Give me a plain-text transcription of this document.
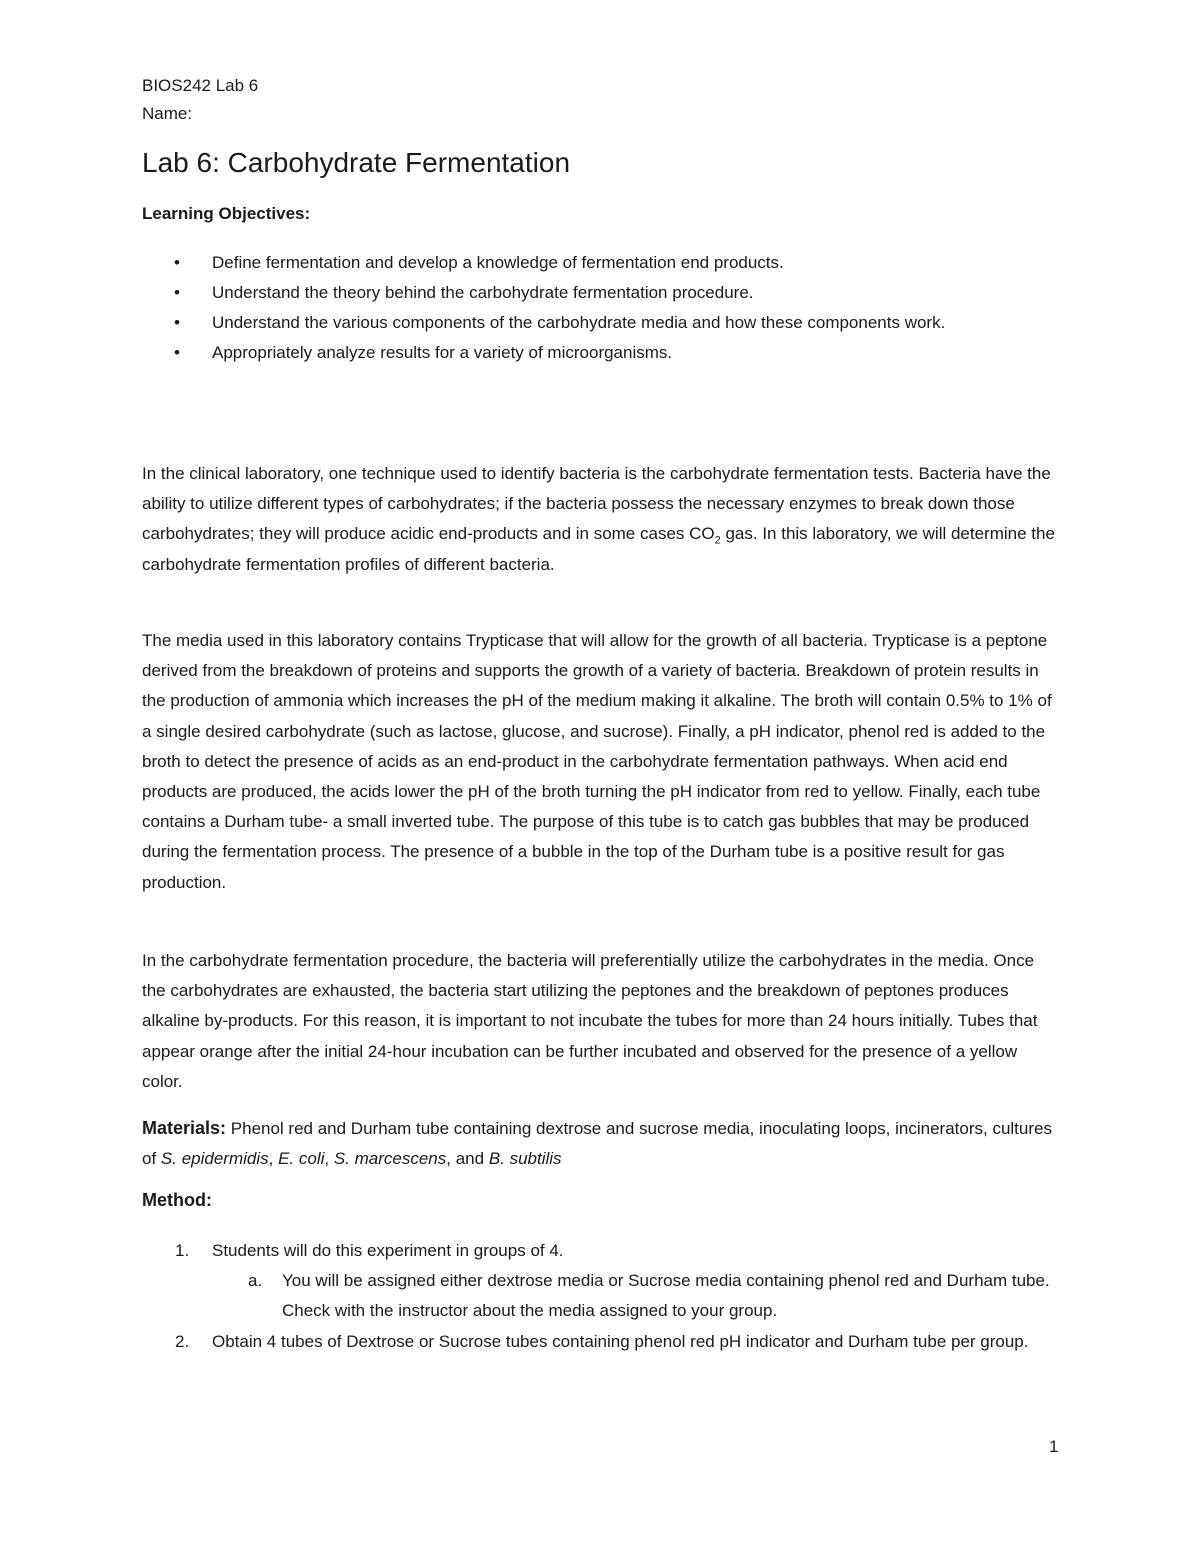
BIOS242 Lab 6
Name:
Lab 6: Carbohydrate Fermentation
Learning Objectives:
• Define fermentation and develop a knowledge of fermentation end products.
• Understand the theory behind the carbohydrate fermentation procedure.
• Understand the various components of the carbohydrate media and how these components work.
• Appropriately analyze results for a variety of microorganisms.

In the clinical laboratory, one technique used to identify bacteria is the carbohydrate fermentation tests. Bacteria have the ability to utilize different types of carbohydrates; if the bacteria possess the necessary enzymes to break down those carbohydrates; they will produce acidic end-products and in some cases $CO_2$ gas. In this laboratory, we will determine the carbohydrate fermentation profiles of different bacteria.

The media used in this laboratory contains Trypticase that will allow for the growth of all bacteria. Trypticase is a peptone derived from the breakdown of proteins and supports the growth of a variety of bacteria. Breakdown of protein results in the production of ammonia which increases the pH of the medium making it alkaline. The broth will contain 0.5% to 1% of a single desired carbohydrate (such as lactose, glucose, and sucrose). Finally, a pH indicator, phenol red is added to the broth to detect the presence of acids as an end-product in the carbohydrate fermentation pathways. When acid end products are produced, the acids lower the pH of the broth turning the pH indicator from red to yellow. Finally, each tube contains a Durham tube- a small inverted tube. The purpose of this tube is to catch gas bubbles that may be produced during the fermentation process. The presence of a bubble in the top of the Durham tube is a positive result for gas production.

In the carbohydrate fermentation procedure, the bacteria will preferentially utilize the carbohydrates in the media. Once the carbohydrates are exhausted, the bacteria start utilizing the peptones and the breakdown of peptones produces alkaline by-products. For this reason, it is important to not incubate the tubes for more than 24 hours initially. Tubes that appear orange after the initial 24-hour incubation can be further incubated and observed for the presence of a yellow color.

Materials: Phenol red and Durham tube containing dextrose and sucrose media, inoculating loops, incinerators, cultures of S. epidermidis, E. coli, S. marcescens, and B. subtilis

Method:
1. Students will do this experiment in groups of 4.
a. You will be assigned either dextrose media or Sucrose media containing phenol red and Durham tube. Check with the instructor about the media assigned to your group.
2. Obtain 4 tubes of Dextrose or Sucrose tubes containing phenol red pH indicator and Durham tube per group.
1
